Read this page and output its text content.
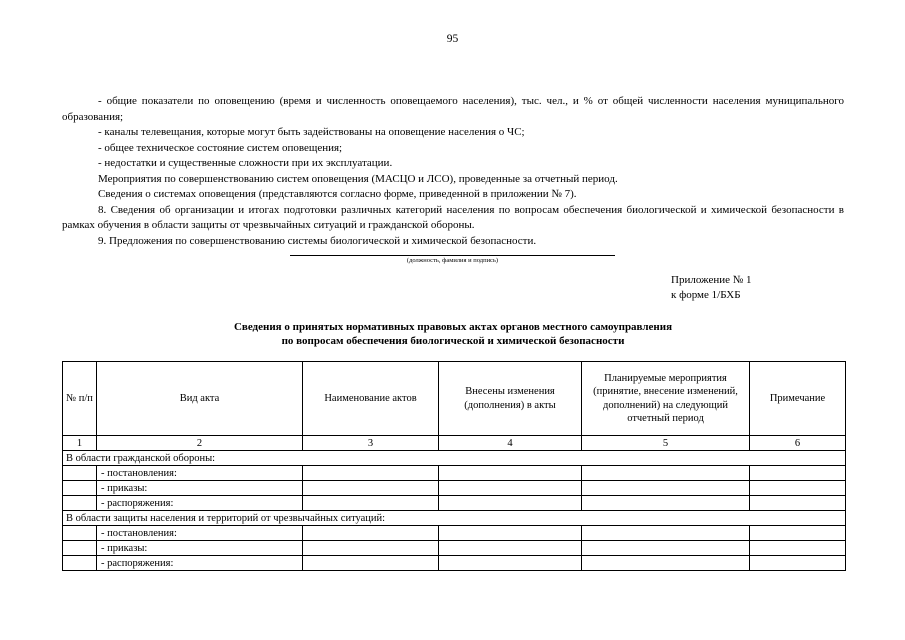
95

- общие показатели по оповещению (время и численность оповещаемого населения), тыс. чел., и % от общей численности населения муниципального образования;

- каналы телевещания, которые могут быть задействованы на оповещение населения о ЧС;

- общее техническое состояние систем оповещения;

- недостатки и существенные сложности при их эксплуатации.

Мероприятия по совершенствованию систем оповещения (МАСЦО и ЛСО), проведенные за отчетный период.

Сведения о системах оповещения (представляются согласно форме, приведенной в приложении № 7).

8. Сведения об организации и итогах подготовки различных категорий населения по вопросам обеспечения биологической и химической безопасности в рамках обучения в области защиты от чрезвычайных ситуаций и гражданской обороны.

9. Предложения по совершенствованию системы биологической и химической безопасности.

(должность, фамилия и подпись)
Приложение № 1
к форме 1/БХБ
Сведения о принятых нормативных правовых актах органов местного самоуправления
по вопросам обеспечения биологической и химической безопасности
№ п/п	Вид акта	Наименование актов	Внесены изменения (дополнения) в акты	Планируемые мероприятия (принятие, внесение изменений, дополнений) на следующий отчетный период	Примечание
1	2	3	4	5	6
В области гражданской обороны:					
	- постановления:				
	- приказы:				
	- распоряжения:				
В области защиты населения и территорий от чрезвычайных ситуаций:					
	- постановления:				
	- приказы:				
	- распоряжения:				
